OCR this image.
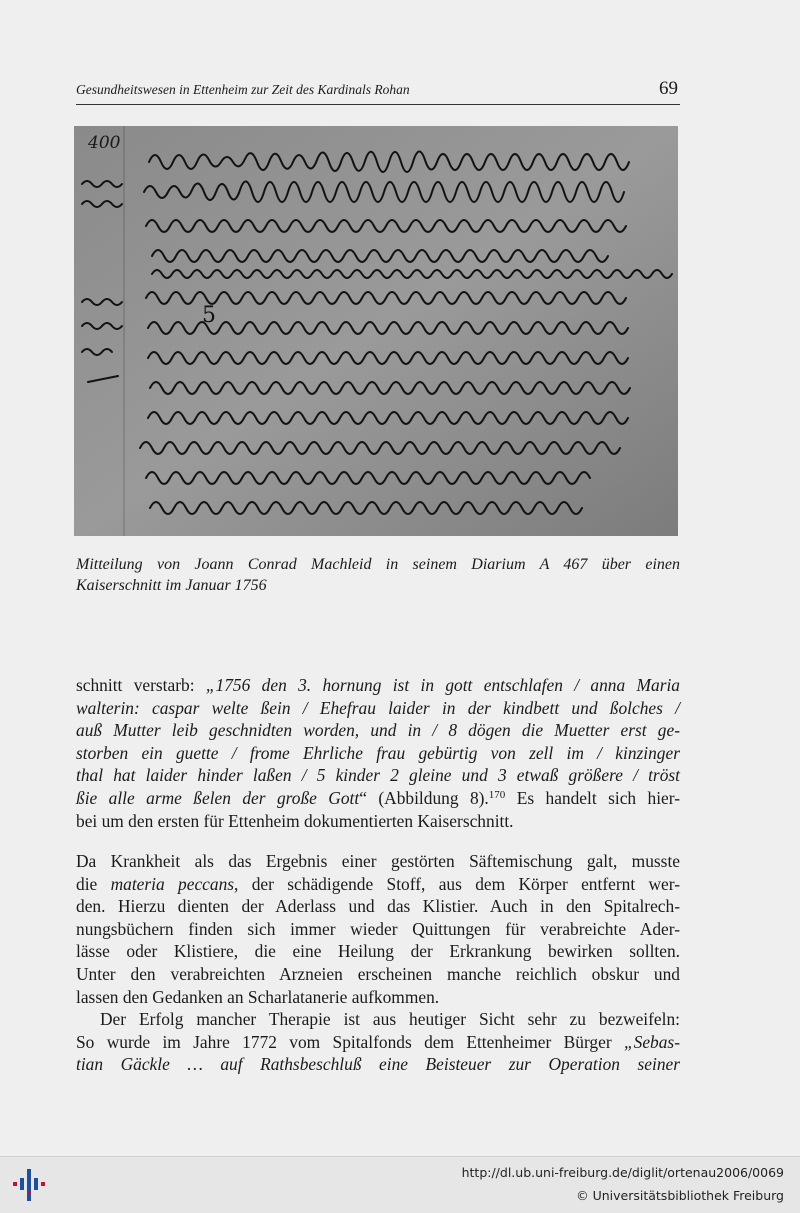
Gesundheitswesen in Ettenheim zur Zeit des Kardinals Rohan	69
400
5
Mitteilung von Joann Conrad Machleid in seinem Diarium A 467 über einen
Kaiserschnitt im Januar 1756
schnitt verstarb: „1756 den 3. hornung ist in gott entschlafen / anna Maria
walterin: caspar welte ßein / Ehefrau laider in der kindbett und ßolches /
auß Mutter leib geschnidten worden, und in / 8 dögen die Muetter erst ge-
storben ein guette / frome Ehrliche frau gebürtig von zell im / kinzinger
thal hat laider hinder laßen / 5 kinder 2 gleine und 3 etwaß größere / tröst
ßie alle arme ßelen der große Gott“ (Abbildung 8).$^{170}$ Es handelt sich hier-
bei um den ersten für Ettenheim dokumentierten Kaiserschnitt.
Da Krankheit als das Ergebnis einer gestörten Säftemischung galt, musste
die materia peccans, der schädigende Stoff, aus dem Körper entfernt wer-
den. Hierzu dienten der Aderlass und das Klistier. Auch in den Spitalrech-
nungsbüchern finden sich immer wieder Quittungen für verabreichte Ader-
lässe oder Klistiere, die eine Heilung der Erkrankung bewirken sollten.
Unter den verabreichten Arzneien erscheinen manche reichlich obskur und
lassen den Gedanken an Scharlatanerie aufkommen.
Der Erfolg mancher Therapie ist aus heutiger Sicht sehr zu bezweifeln:
So wurde im Jahre 1772 vom Spitalfonds dem Ettenheimer Bürger „Sebas-
tian Gäckle … auf Rathsbeschluß eine Beisteuer zur Operation seiner
http://dl.ub.uni-freiburg.de/diglit/ortenau2006/0069
© Universitätsbibliothek Freiburg
